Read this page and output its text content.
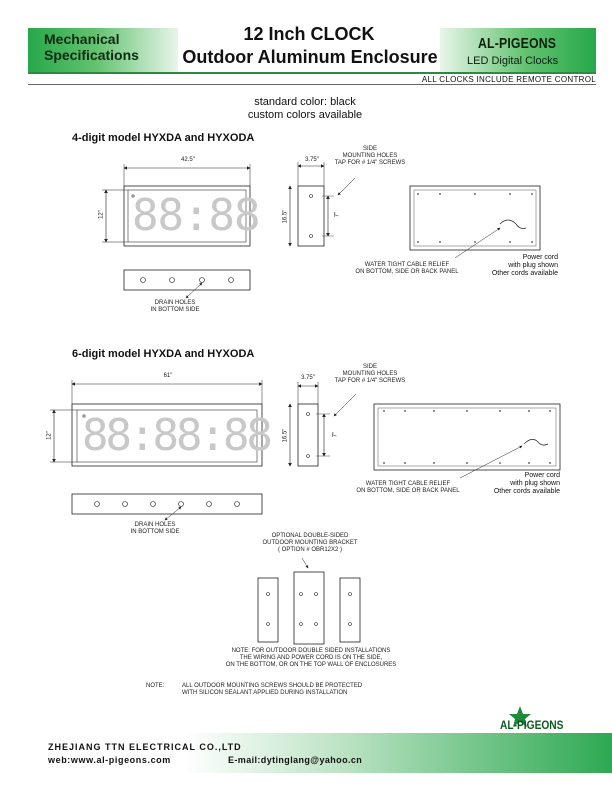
Mechanical
Specifications
12 Inch CLOCK
Outdoor Aluminum Enclosure
AL-PIGEONS
LED Digital Clocks
ALL CLOCKS INCLUDE REMOTE CONTROL
standard color: black
custom colors available
4-digit model HYXDA and HYXODA
42.5"
12" 88:88
3.75"
16.5"	7"
SIDE
MOUNTING HOLES
TAP FOR # 1/4" SCREWS
DRAIN HOLES
IN BOTTOM SIDE
WATER TIGHT CABLE RELIEF
ON BOTTOM, SIDE OR BACK PANEL
Power cord
with plug shown
Other cords available
6-digit model HYXDA and HYXODA
61"
12" 88:88:88
3.75"
16.5"	7"
SIDE
MOUNTING HOLES
TAP FOR # 1/4" SCREWS
DRAIN HOLES
IN BOTTOM SIDE
WATER TIGHT CABLE RELIEF
ON BOTTOM, SIDE OR BACK PANEL
Power cord
with plug shown
Other cords available
OPTIONAL DOUBLE-SIDED
OUTDOOR MOUNTING BRACKET
( OPTION # OBR12X2 )
NOTE: FOR OUTDOOR DOUBLE SIDED INSTALLATIONS
THE WIRING AND POWER CORD IS ON THE SIDE,
ON THE BOTTOM, OR ON THE TOP WALL OF ENCLOSURES
NOTE:	ALL OUTDOOR MOUNTING SCREWS SHOULD BE PROTECTED
WITH SILICON SEALANT APPLIED DURING INSTALLATION
AL-PIGEONS
ZHEJIANG TTN ELECTRICAL CO.,LTD
web:www.al-pigeons.com	E-mail:dytinglang@yahoo.cn
